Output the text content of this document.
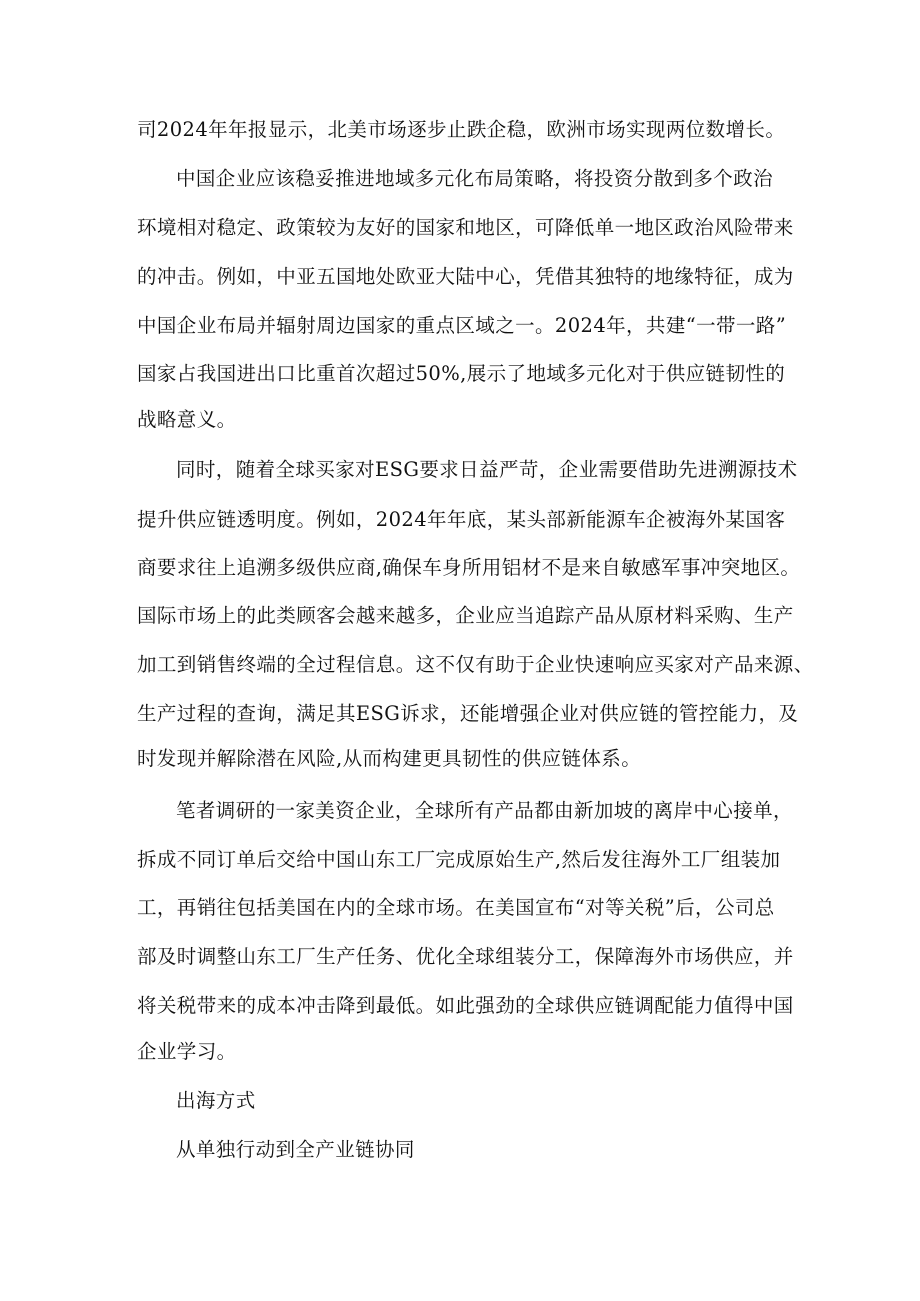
司2024年年报显示，北美市场逐步止跌企稳，欧洲市场实现两位数增长。
中国企业应该稳妥推进地域多元化布局策略，将投资分散到多个政治
环境相对稳定、政策较为友好的国家和地区，可降低单一地区政治风险带来
的冲击。例如，中亚五国地处欧亚大陆中心，凭借其独特的地缘特征，成为
中国企业布局并辐射周边国家的重点区域之一。2024年，共建“一带一路”
国家占我国进出口比重首次超过50%,展示了地域多元化对于供应链韧性的
战略意义。
同时，随着全球买家对ESG要求日益严苛，企业需要借助先进溯源技术
提升供应链透明度。例如，2024年年底，某头部新能源车企被海外某国客
商要求往上追溯多级供应商,确保车身所用铝材不是来自敏感军事冲突地区。
国际市场上的此类顾客会越来越多，企业应当追踪产品从原材料采购、生产
加工到销售终端的全过程信息。这不仅有助于企业快速响应买家对产品来源、
生产过程的查询，满足其ESG诉求，还能增强企业对供应链的管控能力，及
时发现并解除潜在风险,从而构建更具韧性的供应链体系。
笔者调研的一家美资企业，全球所有产品都由新加坡的离岸中心接单，
拆成不同订单后交给中国山东工厂完成原始生产,然后发往海外工厂组装加
工，再销往包括美国在内的全球市场。在美国宣布“对等关税”后，公司总
部及时调整山东工厂生产任务、优化全球组装分工，保障海外市场供应，并
将关税带来的成本冲击降到最低。如此强劲的全球供应链调配能力值得中国
企业学习。
出海方式
从单独行动到全产业链协同
